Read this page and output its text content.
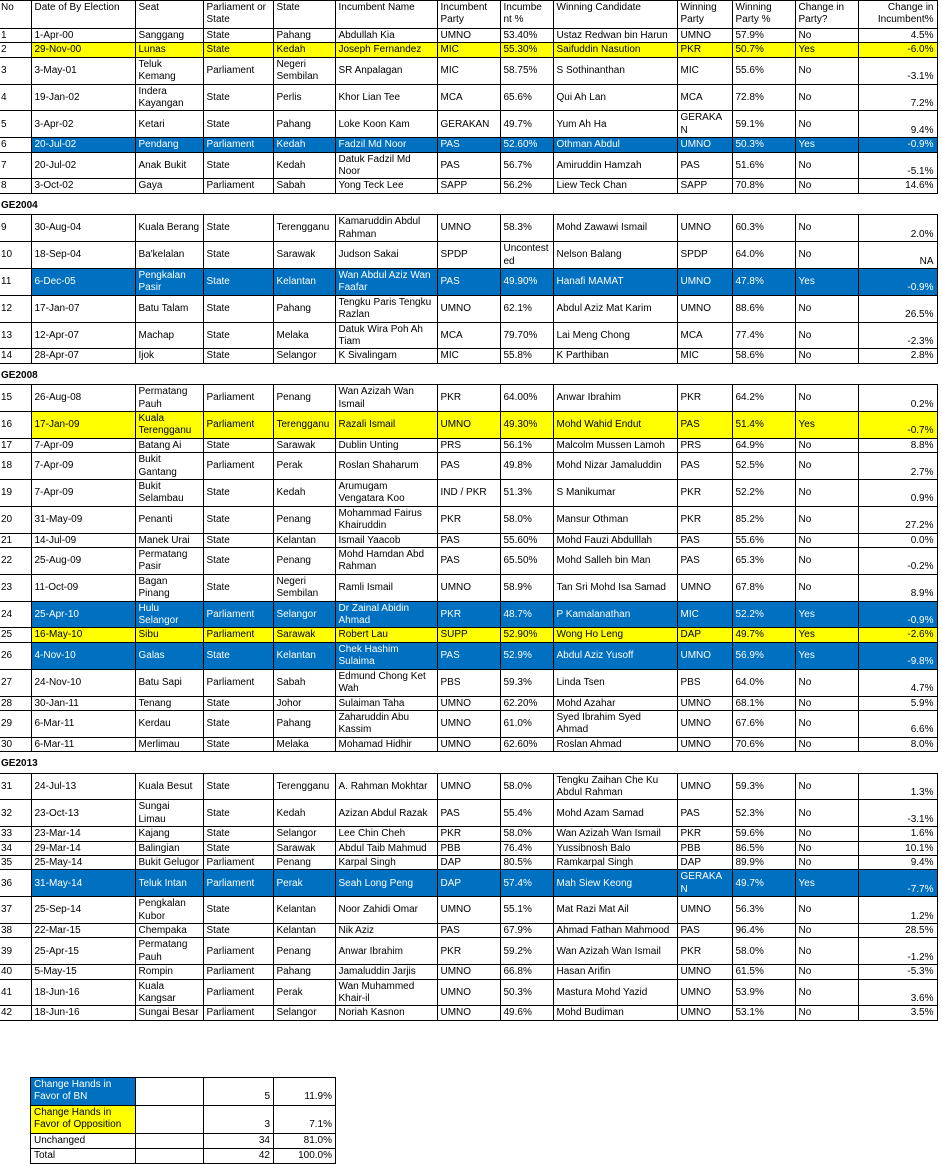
No	Date of By Election	Seat	Parliament or State	State	Incumbent Name	Incumbent Party	Incumbe nt %	Winning Candidate	Winning Party	Winning Party %	Change in Party?	Change in Incumbent%
1	1-Apr-00	Sanggang	State	Pahang	Abdullah Kia	UMNO	53.40%	Ustaz Redwan bin Harun	UMNO	57.9%	No	4.5%
2	29-Nov-00	Lunas	State	Kedah	Joseph Fernandez	MIC	55.30%	Saifuddin Nasution	PKR	50.7%	Yes	-6.0%
3	3-May-01	Teluk Kemang	Parliament	Negeri Sembilan	SR Anpalagan	MIC	58.75%	S Sothinanthan	MIC	55.6%	No	-3.1%
4	19-Jan-02	Indera Kayangan	State	Perlis	Khor Lian Tee	MCA	65.6%	Qui Ah Lan	MCA	72.8%	No	7.2%
5	3-Apr-02	Ketari	State	Pahang	Loke Koon Kam	GERAKAN	49.7%	Yum Ah Ha	GERAKA N	59.1%	No	9.4%
6	20-Jul-02	Pendang	Parliament	Kedah	Fadzil Md Noor	PAS	52.60%	Othman Abdul	UMNO	50.3%	Yes	-0.9%
7	20-Jul-02	Anak Bukit	State	Kedah	Datuk Fadzil Md Noor	PAS	56.7%	Amiruddin Hamzah	PAS	51.6%	No	-5.1%
8	3-Oct-02	Gaya	Parliament	Sabah	Yong Teck Lee	SAPP	56.2%	Liew Teck Chan	SAPP	70.8%	No	14.6%
GE2004												
9	30-Aug-04	Kuala Berang	State	Terengganu	Kamaruddin Abdul Rahman	UMNO	58.3%	Mohd Zawawi Ismail	UMNO	60.3%	No	2.0%
10	18-Sep-04	Ba'kelalan	State	Sarawak	Judson Sakai	SPDP	Uncontested	Nelson Balang	SPDP	64.0%	No	NA
11	6-Dec-05	Pengkalan Pasir	State	Kelantan	Wan Abdul Aziz Wan Faafar	PAS	49.90%	Hanafi MAMAT	UMNO	47.8%	Yes	-0.9%
12	17-Jan-07	Batu Talam	State	Pahang	Tengku Paris Tengku Razlan	UMNO	62.1%	Abdul Aziz Mat Karim	UMNO	88.6%	No	26.5%
13	12-Apr-07	Machap	State	Melaka	Datuk Wira Poh Ah Tiam	MCA	79.70%	Lai Meng Chong	MCA	77.4%	No	-2.3%
14	28-Apr-07	Ijok	State	Selangor	K Sivalingam	MIC	55.8%	K Parthiban	MIC	58.6%	No	2.8%
GE2008												
15	26-Aug-08	Permatang Pauh	Parliament	Penang	Wan Azizah Wan Ismail	PKR	64.00%	Anwar Ibrahim	PKR	64.2%	No	0.2%
16	17-Jan-09	Kuala Terengganu	Parliament	Terengganu	Razali Ismail	UMNO	49.30%	Mohd Wahid Endut	PAS	51.4%	Yes	-0.7%
17	7-Apr-09	Batang Ai	State	Sarawak	Dublin Unting	PRS	56.1%	Malcolm Mussen Lamoh	PRS	64.9%	No	8.8%
18	7-Apr-09	Bukit Gantang	Parliament	Perak	Roslan Shaharum	PAS	49.8%	Mohd Nizar Jamaluddin	PAS	52.5%	No	2.7%
19	7-Apr-09	Bukit Selambau	State	Kedah	Arumugam Vengatara Koo	IND / PKR	51.3%	S Manikumar	PKR	52.2%	No	0.9%
20	31-May-09	Penanti	State	Penang	Mohammad Fairus Khairuddin	PKR	58.0%	Mansur Othman	PKR	85.2%	No	27.2%
21	14-Jul-09	Manek Urai	State	Kelantan	Ismail Yaacob	PAS	55.60%	Mohd Fauzi Abdulllah	PAS	55.6%	No	0.0%
22	25-Aug-09	Permatang Pasir	State	Penang	Mohd Hamdan Abd Rahman	PAS	65.50%	Mohd Salleh bin Man	PAS	65.3%	No	-0.2%
23	11-Oct-09	Bagan Pinang	State	Negeri Sembilan	Ramli Ismail	UMNO	58.9%	Tan Sri Mohd Isa Samad	UMNO	67.8%	No	8.9%
24	25-Apr-10	Hulu Selangor	Parliament	Selangor	Dr Zainal Abidin Ahmad	PKR	48.7%	P Kamalanathan	MIC	52.2%	Yes	-0.9%
25	16-May-10	Sibu	Parliament	Sarawak	Robert Lau	SUPP	52.90%	Wong Ho Leng	DAP	49.7%	Yes	-2.6%
26	4-Nov-10	Galas	State	Kelantan	Chek Hashim Sulaima	PAS	52.9%	Abdul Aziz Yusoff	UMNO	56.9%	Yes	-9.8%
27	24-Nov-10	Batu Sapi	Parliament	Sabah	Edmund Chong Ket Wah	PBS	59.3%	Linda Tsen	PBS	64.0%	No	4.7%
28	30-Jan-11	Tenang	State	Johor	Sulaiman Taha	UMNO	62.20%	Mohd Azahar	UMNO	68.1%	No	5.9%
29	6-Mar-11	Kerdau	State	Pahang	Zaharuddin Abu Kassim	UMNO	61.0%	Syed Ibrahim Syed Ahmad	UMNO	67.6%	No	6.6%
30	6-Mar-11	Merlimau	State	Melaka	Mohamad Hidhir	UMNO	62.60%	Roslan Ahmad	UMNO	70.6%	No	8.0%
GE2013												
31	24-Jul-13	Kuala Besut	State	Terengganu	A. Rahman Mokhtar	UMNO	58.0%	Tengku Zaihan Che Ku Abdul Rahman	UMNO	59.3%	No	1.3%
32	23-Oct-13	Sungai Limau	State	Kedah	Azizan Abdul Razak	PAS	55.4%	Mohd Azam Samad	PAS	52.3%	No	-3.1%
33	23-Mar-14	Kajang	State	Selangor	Lee Chin Cheh	PKR	58.0%	Wan Azizah Wan Ismail	PKR	59.6%	No	1.6%
34	29-Mar-14	Balingian	State	Sarawak	Abdul Taib Mahmud	PBB	76.4%	Yussibnosh Balo	PBB	86.5%	No	10.1%
35	25-May-14	Bukit Gelugor	Parliament	Penang	Karpal Singh	DAP	80.5%	Ramkarpal Singh	DAP	89.9%	No	9.4%
36	31-May-14	Teluk Intan	Parliament	Perak	Seah Long Peng	DAP	57.4%	Mah Siew Keong	GERAKA N	49.7%	Yes	-7.7%
37	25-Sep-14	Pengkalan Kubor	State	Kelantan	Noor Zahidi Omar	UMNO	55.1%	Mat Razi Mat Ail	UMNO	56.3%	No	1.2%
38	22-Mar-15	Chempaka	State	Kelantan	Nik Aziz	PAS	67.9%	Ahmad Fathan Mahmood	PAS	96.4%	No	28.5%
39	25-Apr-15	Permatang Pauh	Parliament	Penang	Anwar Ibrahim	PKR	59.2%	Wan Azizah Wan Ismail	PKR	58.0%	No	-1.2%
40	5-May-15	Rompin	Parliament	Pahang	Jamaluddin Jarjis	UMNO	66.8%	Hasan Arifin	UMNO	61.5%	No	-5.3%
41	18-Jun-16	Kuala Kangsar	Parliament	Perak	Wan Muhammed Khair-il	UMNO	50.3%	Mastura Mohd Yazid	UMNO	53.9%	No	3.6%
42	18-Jun-16	Sungai Besar	Parliament	Selangor	Noriah Kasnon	UMNO	49.6%	Mohd Budiman	UMNO	53.1%	No	3.5%
Change Hands in Favor of BN		5	11.9%
Change Hands in Favor of Opposition		3	7.1%
Unchanged		34	81.0%
Total		42	100.0%
